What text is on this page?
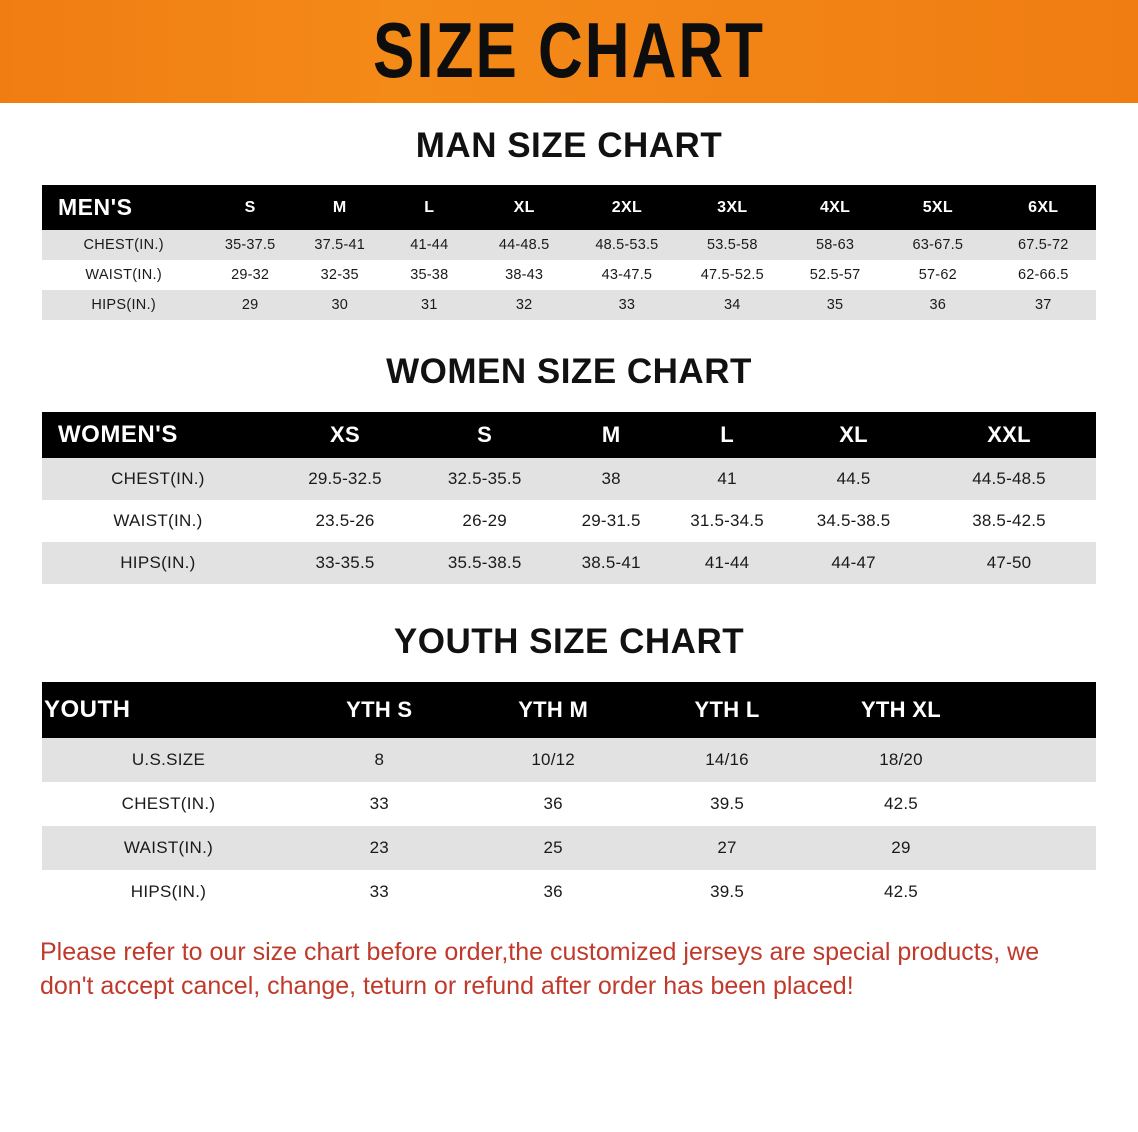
SIZE CHART
MAN SIZE CHART
MEN'S	S	M	L	XL	2XL	3XL	4XL	5XL	6XL
CHEST(IN.)	35-37.5	37.5-41	41-44	44-48.5	48.5-53.5	53.5-58	58-63	63-67.5	67.5-72
WAIST(IN.)	29-32	32-35	35-38	38-43	43-47.5	47.5-52.5	52.5-57	57-62	62-66.5
HIPS(IN.)	29	30	31	32	33	34	35	36	37
WOMEN SIZE CHART
WOMEN'S	XS	S	M	L	XL	XXL
CHEST(IN.)	29.5-32.5	32.5-35.5	38	41	44.5	44.5-48.5
WAIST(IN.)	23.5-26	26-29	29-31.5	31.5-34.5	34.5-38.5	38.5-42.5
HIPS(IN.)	33-35.5	35.5-38.5	38.5-41	41-44	44-47	47-50
YOUTH SIZE CHART
YOUTH	YTH S	YTH M	YTH L	YTH XL	
U.S.SIZE	8	10/12	14/16	18/20	
CHEST(IN.)	33	36	39.5	42.5	
WAIST(IN.)	23	25	27	29	
HIPS(IN.)	33	36	39.5	42.5	

Please refer to our size chart before order,the customized jerseys are special products, we don't accept cancel, change, teturn or refund after order has been placed!
